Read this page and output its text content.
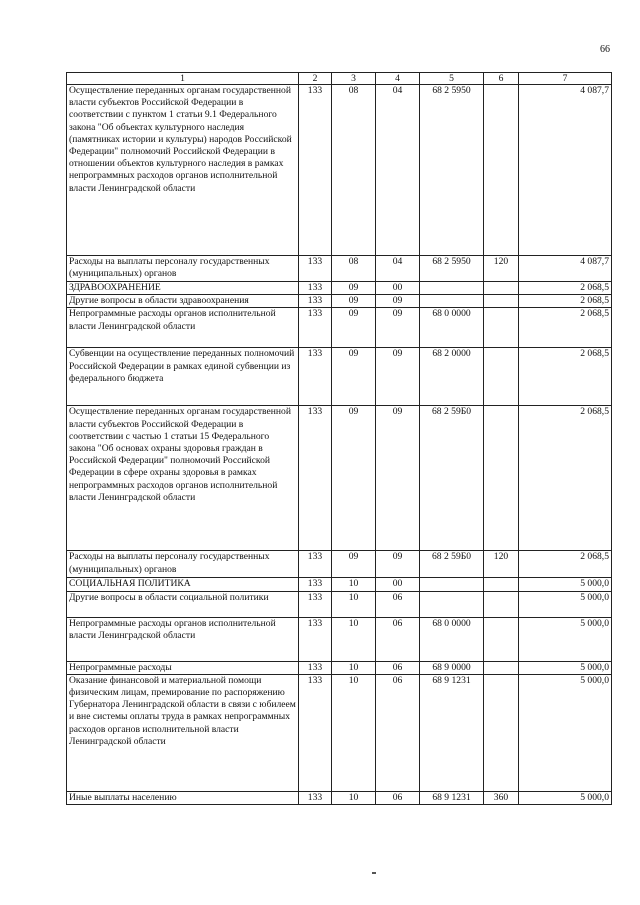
66
1	2	3	4	5	6	7
Осуществление переданных органам государственной власти субъектов Российской Федерации в соответствии с пунктом 1 статьи 9.1 Федерального закона "Об объектах культурного наследия (памятниках истории и культуры) народов Российской Федерации" полномочий Российской Федерации в отношении объектов культурного наследия в рамках непрограммных расходов органов исполнительной власти Ленинградской области	133	08	04	68 2 5950		4 087,7
Расходы на выплаты персоналу государственных (муниципальных) органов	133	08	04	68 2 5950	120	4 087,7
ЗДРАВООХРАНЕНИЕ	133	09	00			2 068,5
Другие вопросы в области здравоохранения	133	09	09			2 068,5
Непрограммные расходы органов исполнительной власти Ленинградской области	133	09	09	68 0 0000		2 068,5
Субвенции на осуществление переданных полномочий Российской Федерации в рамках единой субвенции из федерального бюджета	133	09	09	68 2 0000		2 068,5
Осуществление переданных органам государственной власти субъектов Российской Федерации в соответствии с частью 1 статьи 15 Федерального закона "Об основах охраны здоровья граждан в Российской Федерации" полномочий Российской Федерации в сфере охраны здоровья в рамках непрограммных расходов органов исполнительной власти Ленинградской области	133	09	09	68 2 59Б0		2 068,5
Расходы на выплаты персоналу государственных (муниципальных) органов	133	09	09	68 2 59Б0	120	2 068,5
СОЦИАЛЬНАЯ ПОЛИТИКА	133	10	00			5 000,0
Другие вопросы в области социальной политики	133	10	06			5 000,0
Непрограммные расходы органов исполнительной власти Ленинградской области	133	10	06	68 0 0000		5 000,0
Непрограммные расходы	133	10	06	68 9 0000		5 000,0
Оказание финансовой и материальной помощи физическим лицам, премирование по распоряжению Губернатора Ленинградской области в связи с юбилеем и вне системы оплаты труда в рамках непрограммных расходов органов исполнительной власти Ленинградской области	133	10	06	68 9 1231		5 000,0
Иные выплаты населению	133	10	06	68 9 1231	360	5 000,0
